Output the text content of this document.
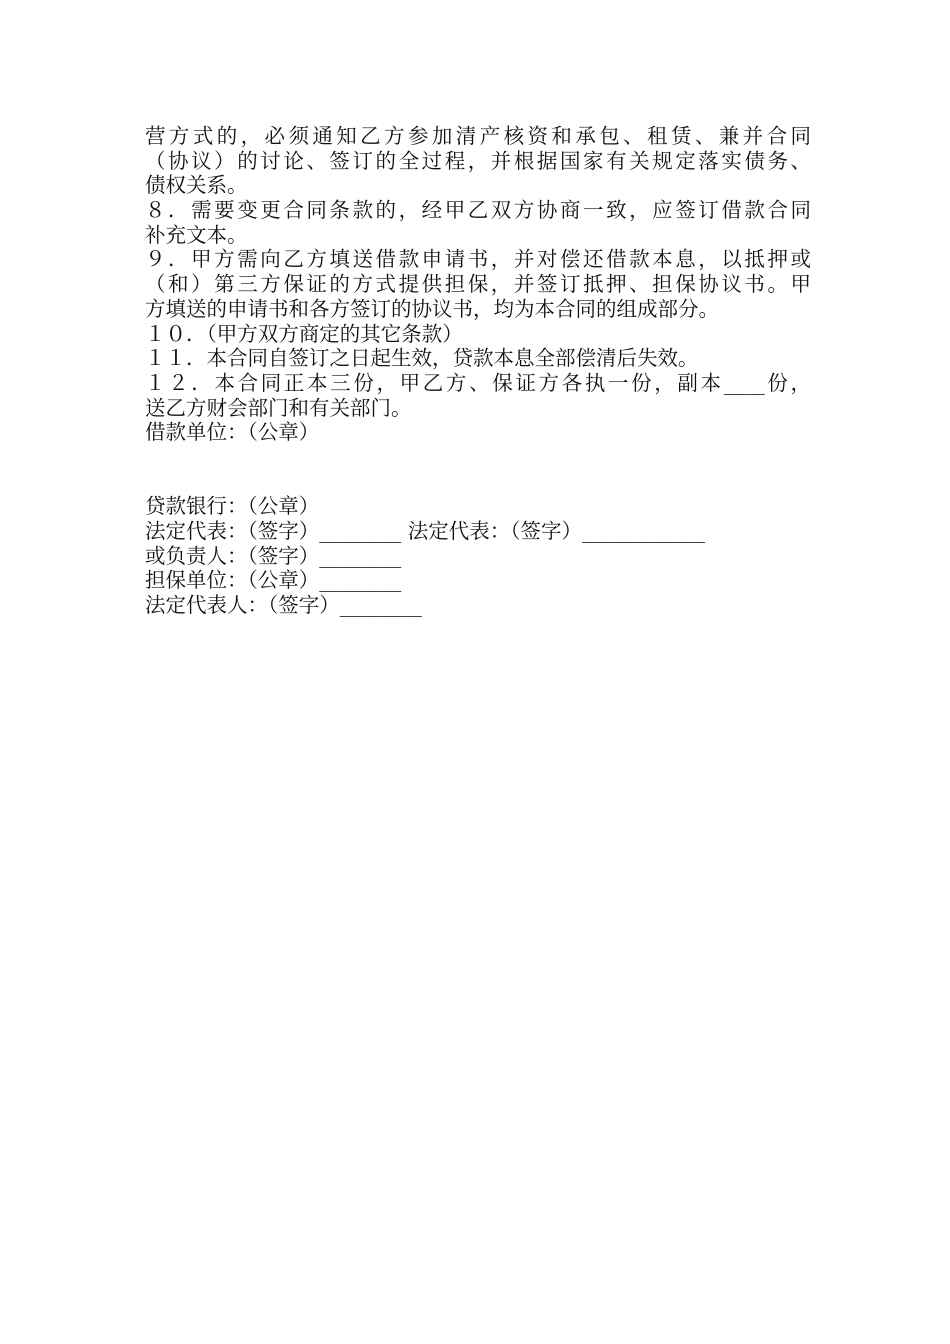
营方式的，必须通知乙方参加清产核资和承包、租赁、兼并合同
（协议）的讨论、签订的全过程，并根据国家有关规定落实债务、
债权关系。
８．需要变更合同条款的，经甲乙双方协商一致，应签订借款合同
补充文本。
９．甲方需向乙方填送借款申请书，并对偿还借款本息，以抵押或
（和）第三方保证的方式提供担保，并签订抵押、担保协议书。甲
方填送的申请书和各方签订的协议书，均为本合同的组成部分。
１０．（甲方双方商定的其它条款）
１１．本合同自签订之日起生效，贷款本息全部偿清后失效。
１２．本合同正本三份，甲乙方、保证方各执一份，副本____份，
送乙方财会部门和有关部门。
借款单位：（公章）
贷款银行：（公章）
法定代表：（签字）________ 法定代表：（签字）____________
或负责人：（签字）________
担保单位：（公章）________
法定代表人：（签字）________
